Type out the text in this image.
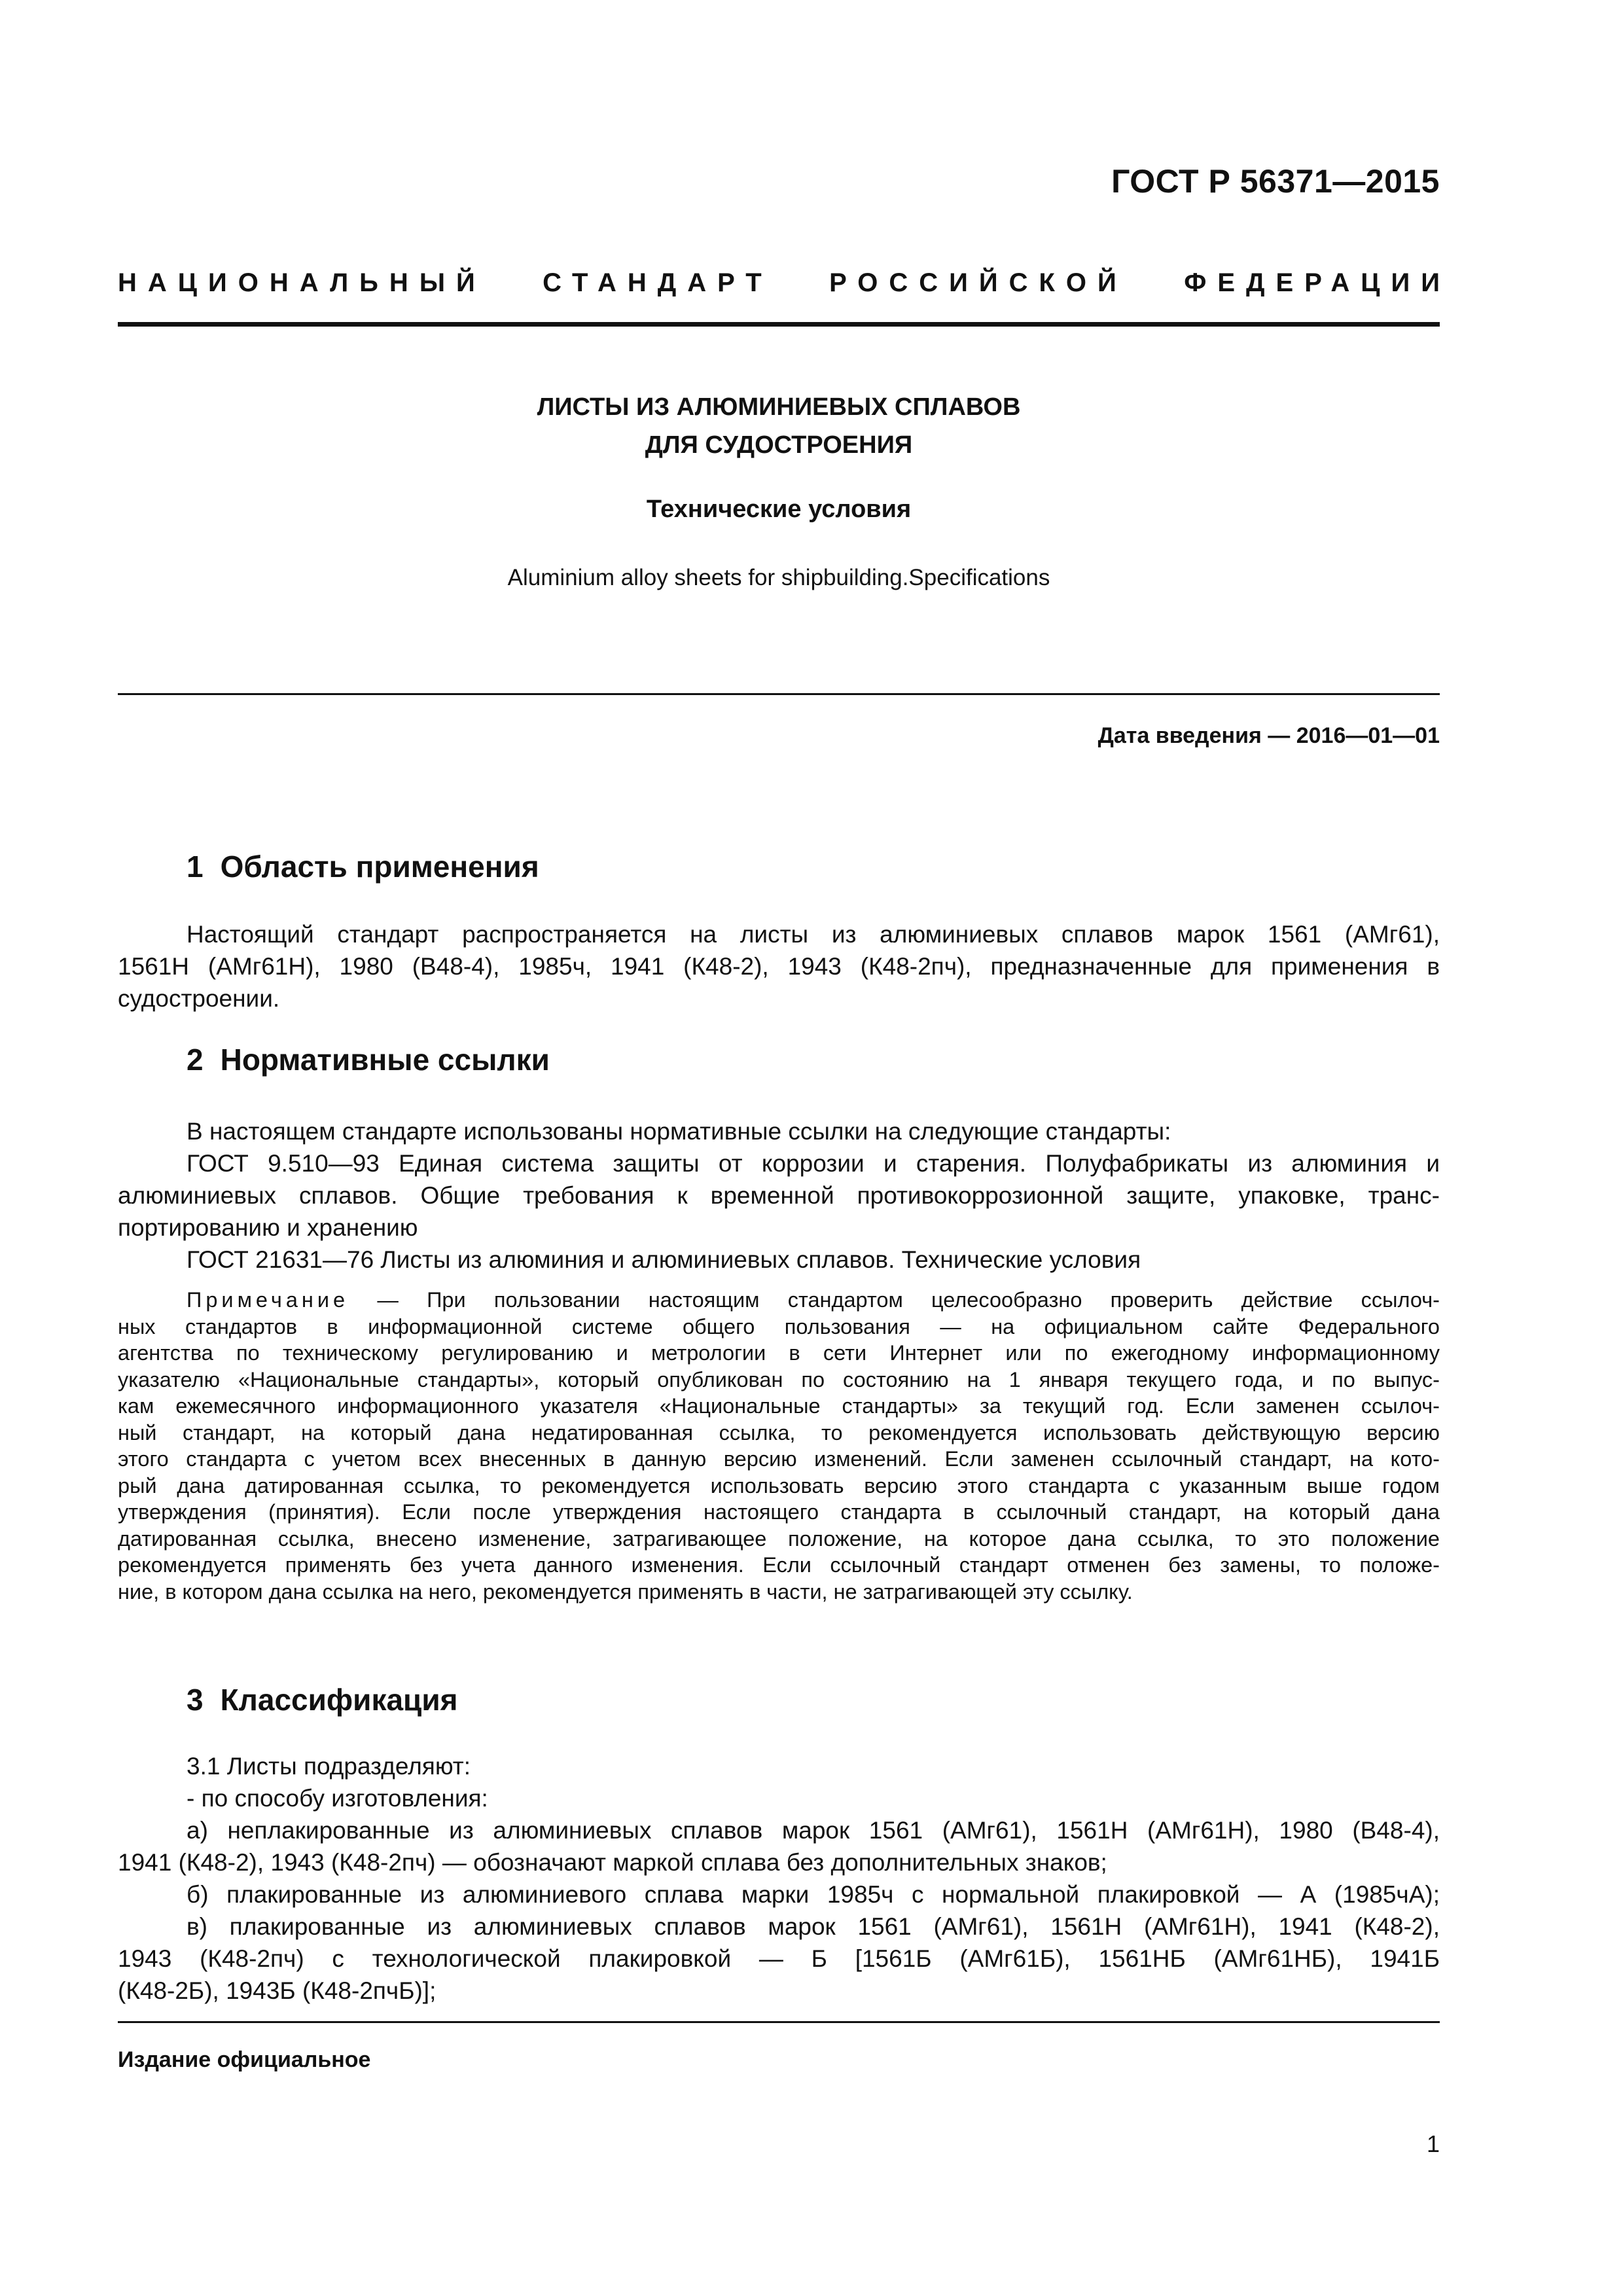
ГОСТ Р 56371—2015
НАЦИОНАЛЬНЫЙ СТАНДАРТ РОССИЙСКОЙ ФЕДЕРАЦИИ
ЛИСТЫ ИЗ АЛЮМИНИЕВЫХ СПЛАВОВ
ДЛЯ СУДОСТРОЕНИЯ
Технические условия
Aluminium alloy sheets for shipbuilding.Specifications
Дата введения — 2016—01—01
1 Область применения
Настоящий стандарт распространяется на листы из алюминиевых сплавов марок 1561 (АМг61),
1561Н (АМг61Н), 1980 (В48-4), 1985ч, 1941 (К48-2), 1943 (К48-2пч), предназначенные для применения в
судостроении.
2 Нормативные ссылки
В настоящем стандарте использованы нормативные ссылки на следующие стандарты:
ГОСТ 9.510—93 Единая система защиты от коррозии и старения. Полуфабрикаты из алюминия и
алюминиевых сплавов. Общие требования к временной противокоррозионной защите, упаковке, транс-
портированию и хранению
ГОСТ 21631—76 Листы из алюминия и алюминиевых сплавов. Технические условия
Примечание — При пользовании настоящим стандартом целесообразно проверить действие ссылоч-
ных стандартов в информационной системе общего пользования — на официальном сайте Федерального
агентства по техническому регулированию и метрологии в сети Интернет или по ежегодному информационному
указателю «Национальные стандарты», который опубликован по состоянию на 1 января текущего года, и по выпус-
кам ежемесячного информационного указателя «Национальные стандарты» за текущий год. Если заменен ссылоч-
ный стандарт, на который дана недатированная ссылка, то рекомендуется использовать действующую версию
этого стандарта с учетом всех внесенных в данную версию изменений. Если заменен ссылочный стандарт, на кото-
рый дана датированная ссылка, то рекомендуется использовать версию этого стандарта с указанным выше годом
утверждения (принятия). Если после утверждения настоящего стандарта в ссылочный стандарт, на который дана
датированная ссылка, внесено изменение, затрагивающее положение, на которое дана ссылка, то это положение
рекомендуется применять без учета данного изменения. Если ссылочный стандарт отменен без замены, то положе-
ние, в котором дана ссылка на него, рекомендуется применять в части, не затрагивающей эту ссылку.
3 Классификация
3.1 Листы подразделяют:
- по способу изготовления:
а) неплакированные из алюминиевых сплавов марок 1561 (АМг61), 1561Н (АМг61Н), 1980 (В48-4),
1941 (К48-2), 1943 (К48-2пч) — обозначают маркой сплава без дополнительных знаков;
б) плакированные из алюминиевого сплава марки 1985ч с нормальной плакировкой — А (1985чА);
в) плакированные из алюминиевых сплавов марок 1561 (АМг61), 1561Н (АМг61Н), 1941 (К48-2),
1943 (К48-2пч) с технологической плакировкой — Б [1561Б (АМг61Б), 1561НБ (АМг61НБ), 1941Б
(К48-2Б), 1943Б (К48-2пчБ)];
Издание официальное
1
